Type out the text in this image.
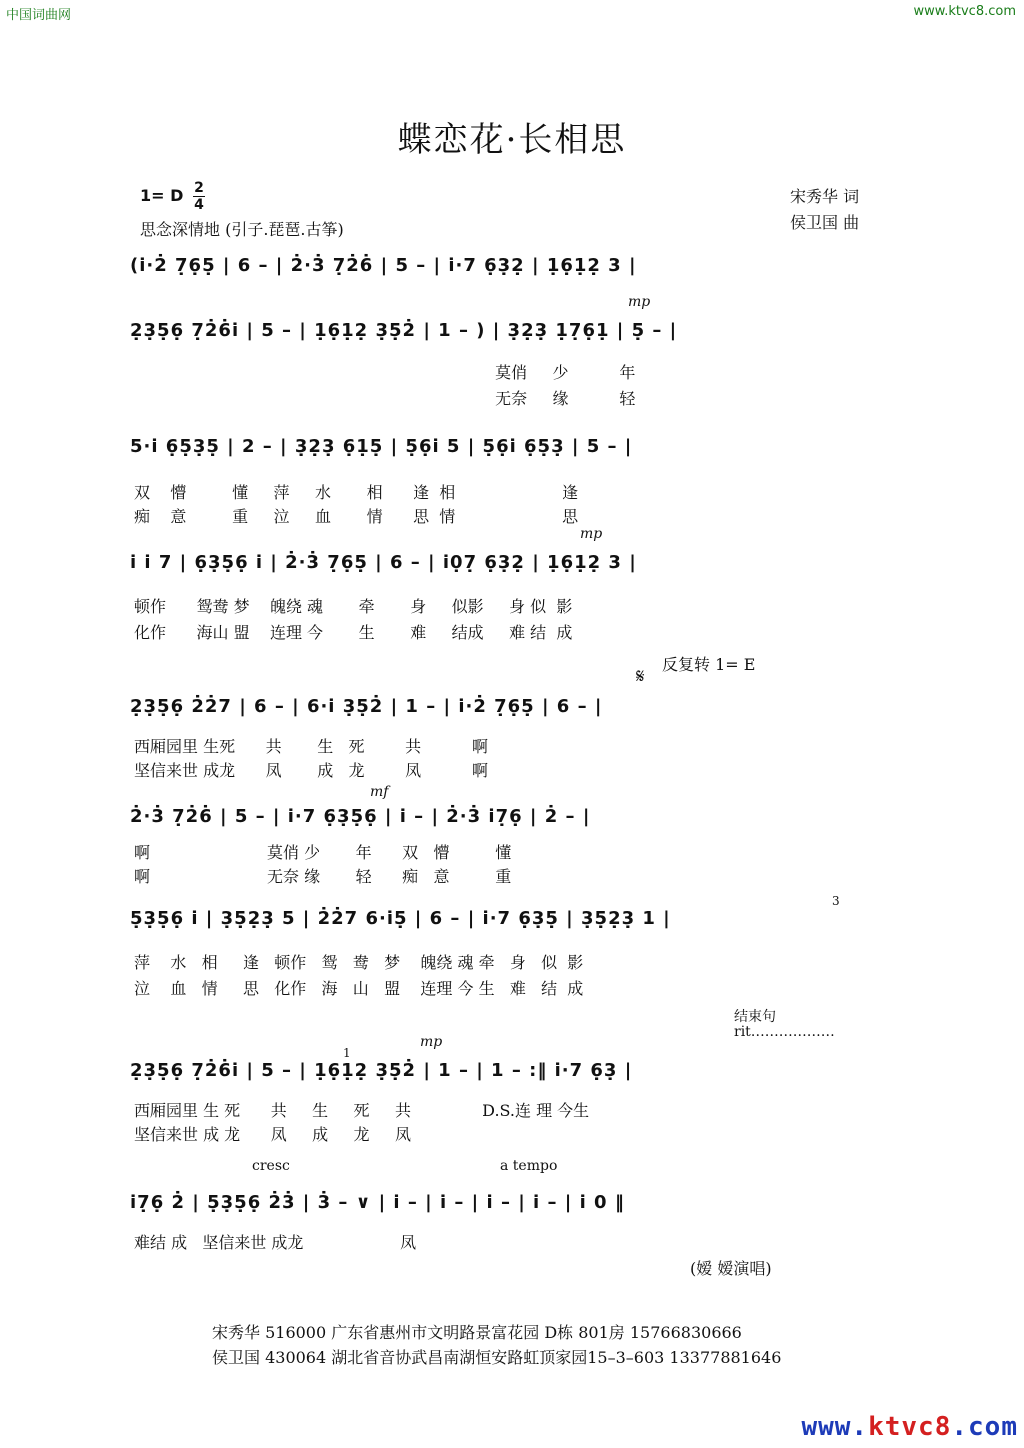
中国词曲网	www.ktvc8.com
蝶恋花·长相思
1= D 2
4
思念深情地 (引子.琵琶.古筝)
宋秀华 词
侯卫国 曲
(i̇·2̇ 7̣6̣5̣ | 6 – | 2̇·3̇ 7̣2̇6̇ | 5 – | i̇·7 6̣3̣2̣ | 1̣6̣1̣2̣ 3 |
mp
2̣3̣5̣6̣ 7̣2̇6̇i̇ | 5 – | 1̣6̣1̣2̣ 3̣5̣2̇ | 1 – ) | 3̣2̣3̣ 1̣7̣6̣1̣ | 5̣ – |
莫俏     少          年
无奈     缘          轻
5·i̇ 6̣5̣3̣5̣ | 2 – | 3̣2̣3̣ 6̣1̣5̣ | 5̣6̣i̇ 5 | 5̣6̣i̇ 6̣5̣3̣ | 5 – |
双    懵         懂     萍     水       相      逢  相                     逢
痴    意         重     泣     血       情      思  情                     思
mp
i̇ i̇ 7 | 6̣3̣5̣6̣ i̇ | 2̇·3̇ 7̣6̣5̣ | 6 – | i̇0̣7̣ 6̣3̣2̣ | 1̣6̣1̣2̣ 3 |
顿作      鸳鸯 梦    魄绕 魂       牵       身     似影     身 似  影
化作      海山 盟    连理 今       生       难     结成     难 结  成
𝄋 反复转 1= E
2̣3̣5̣6̣ 2̇2̇7 | 6 – | 6·i̇ 3̣5̣2̇ | 1 – | i̇·2̇ 7̣6̣5̣ | 6 – |
西厢园里 生死      共       生   死        共          啊
坚信来世 成龙      凤       成   龙        凤          啊
mf
2̇·3̇ 7̣2̇6̇ | 5 – | i̇·7 6̣3̣5̣6̣ | i̇ – | 2̇·3̇ i̇7̣6̣ | 2̇ – |
啊                       莫俏 少       年      双   懵         懂
啊                       无奈 缘       轻      痴   意         重
3
5̣3̣5̣6̣ i̇ | 3̣5̣2̣3̣ 5 | 2̇2̇7 6·i̇5̣ | 6 – | i̇·7 6̣3̣5̣ | 3̣5̣2̣3̣ 1 |
萍    水   相     逢   顿作   鸳   鸯   梦    魄绕 魂 牵   身   似  影
泣    血   情     思   化作   海   山   盟    连理 今 生   难   结  成
结束句
rit………………
1
mp
2̣3̣5̣6̣ 7̣2̇6̇i̇ | 5 – | 1̣6̣1̣2̣ 3̣5̣2̇ | 1 – | 1 – :‖ i̇·7 6̣3̣ |
西厢园里 生 死      共     生     死     共              D.S.连 理 今生
坚信来世 成 龙      凤     成     龙     凤
cresc	a tempo
i̇7̣6̣ 2̇ | 5̣3̣5̣6̣ 2̇3̇ | 3̇ – ∨ | i̇ – | i̇ – | i̇ – | i̇ – | i̇ 0 ‖
难结 成   坚信来世 成龙                   凤
(嫒 嫒演唱)
宋秀华 516000 广东省惠州市文明路景富花园 D栋 801房 15766830666
侯卫国 430064 湖北省音协武昌南湖恒安路虹顶家园15–3–603 13377881646
www.ktvc8.com
